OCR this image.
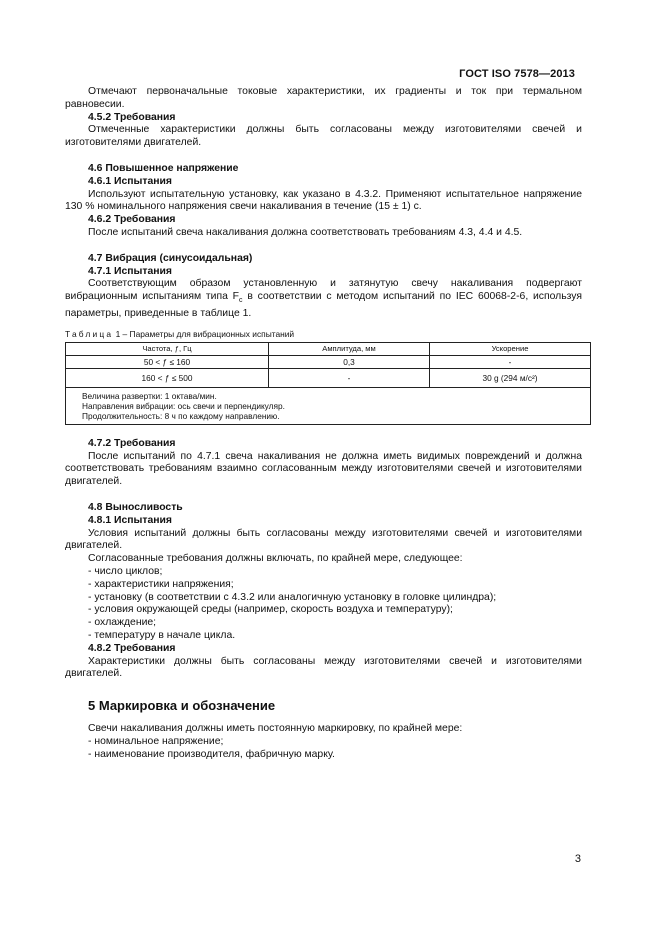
ГОСТ ISO 7578—2013

Отмечают первоначальные токовые характеристики, их градиенты и ток при термальном равновесии.

4.5.2 Требования

Отмеченные характеристики должны быть согласованы между изготовителями свечей и изготовителями двигателей.

4.6 Повышенное напряжение

4.6.1 Испытания

Используют испытательную установку, как указано в 4.3.2. Применяют испытательное напряжение 130 % номинального напряжения свечи накаливания в течение (15 ± 1) с.

4.6.2 Требования

После испытаний свеча накаливания должна соответствовать требованиям 4.3, 4.4 и 4.5.

4.7 Вибрация (синусоидальная)

4.7.1 Испытания

Соответствующим образом установленную и затянутую свечу накаливания подвергают вибрационным испытаниям типа $F_c$ в соответствии с методом испытаний по IEC 60068-2-6, используя параметры, приведенные в таблице 1.

Таблица 1 – Параметры для вибрационных испытаний
Частота, ƒ, Гц	Амплитуда, мм	Ускорение
50 < ƒ ≤ 160	0,3	-
160 < ƒ ≤ 500	-	30 g (294 м/с²)

Величина развертки: 1 октава/мин.
Направления вибрации: ось свечи и перпендикуляр.
Продолжительность: 8 ч по каждому направлению.		

4.7.2 Требования

После испытаний по 4.7.1 свеча накаливания не должна иметь видимых повреждений и должна соответствовать требованиям взаимно согласованным между изготовителями свечей и изготовителями двигателей.

4.8 Выносливость

4.8.1 Испытания

Условия испытаний должны быть согласованы между изготовителями свечей и изготовителями двигателей.

Согласованные требования должны включать, по крайней мере, следующее:

- число циклов;

- характеристики напряжения;

- установку (в соответствии с 4.3.2 или аналогичную установку в головке цилиндра);

- условия окружающей среды (например, скорость воздуха и температуру);

- охлаждение;

- температуру в начале цикла.

4.8.2 Требования

Характеристики должны быть согласованы между изготовителями свечей и изготовителями двигателей.

5 Маркировка и обозначение

Свечи накаливания должны иметь постоянную маркировку, по крайней мере:

- номинальное напряжение;

- наименование производителя, фабричную марку.

3
